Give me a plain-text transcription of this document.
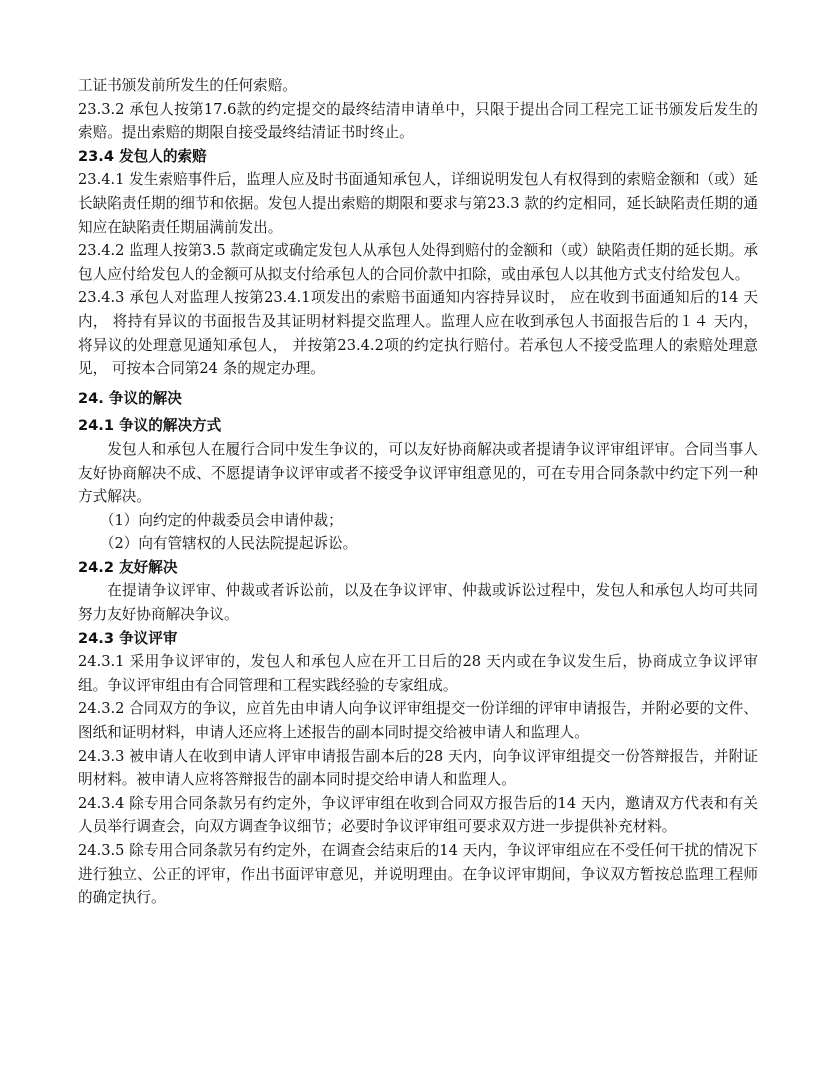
工证书颁发前所发生的任何索赔。

23.3.2 承包人按第17.6款的约定提交的最终结清申请单中，只限于提出合同工程完工证书颁发后发生的索赔。提出索赔的期限自接受最终结清证书时终止。

23.4 发包人的索赔

23.4.1 发生索赔事件后，监理人应及时书面通知承包人，详细说明发包人有权得到的索赔金额和（或）延长缺陷责任期的细节和依据。发包人提出索赔的期限和要求与第23.3 款的约定相同，延长缺陷责任期的通知应在缺陷责任期届满前发出。

23.4.2 监理人按第3.5 款商定或确定发包人从承包人处得到赔付的金额和（或）缺陷责任期的延长期。承包人应付给发包人的金额可从拟支付给承包人的合同价款中扣除，或由承包人以其他方式支付给发包人。

23.4.3 承包人对监理人按第23.4.1项发出的索赔书面通知内容持异议时， 应在收到书面通知后的14 天内， 将持有异议的书面报告及其证明材料提交监理人。监理人应在收到承包人书面报告后的１４ 天内， 将异议的处理意见通知承包人， 并按第23.4.2项的约定执行赔付。若承包人不接受监理人的索赔处理意见， 可按本合同第24 条的规定办理。

24. 争议的解决
24.1 争议的解决方式

发包人和承包人在履行合同中发生争议的，可以友好协商解决或者提请争议评审组评审。合同当事人友好协商解决不成、不愿提请争议评审或者不接受争议评审组意见的，可在专用合同条款中约定下列一种方式解决。

（1）向约定的仲裁委员会申请仲裁；

（2）向有管辖权的人民法院提起诉讼。

24.2 友好解决

在提请争议评审、仲裁或者诉讼前，以及在争议评审、仲裁或诉讼过程中，发包人和承包人均可共同努力友好协商解决争议。

24.3 争议评审

24.3.1 采用争议评审的，发包人和承包人应在开工日后的28 天内或在争议发生后，协商成立争议评审组。争议评审组由有合同管理和工程实践经验的专家组成。

24.3.2 合同双方的争议，应首先由申请人向争议评审组提交一份详细的评审申请报告，并附必要的文件、图纸和证明材料，申请人还应将上述报告的副本同时提交给被申请人和监理人。

24.3.3 被申请人在收到申请人评审申请报告副本后的28 天内，向争议评审组提交一份答辩报告，并附证明材料。被申请人应将答辩报告的副本同时提交给申请人和监理人。

24.3.4 除专用合同条款另有约定外，争议评审组在收到合同双方报告后的14 天内，邀请双方代表和有关人员举行调查会，向双方调查争议细节；必要时争议评审组可要求双方进一步提供补充材料。

24.3.5 除专用合同条款另有约定外，在调查会结束后的14 天内，争议评审组应在不受任何干扰的情况下进行独立、公正的评审，作出书面评审意见，并说明理由。在争议评审期间，争议双方暂按总监理工程师的确定执行。
